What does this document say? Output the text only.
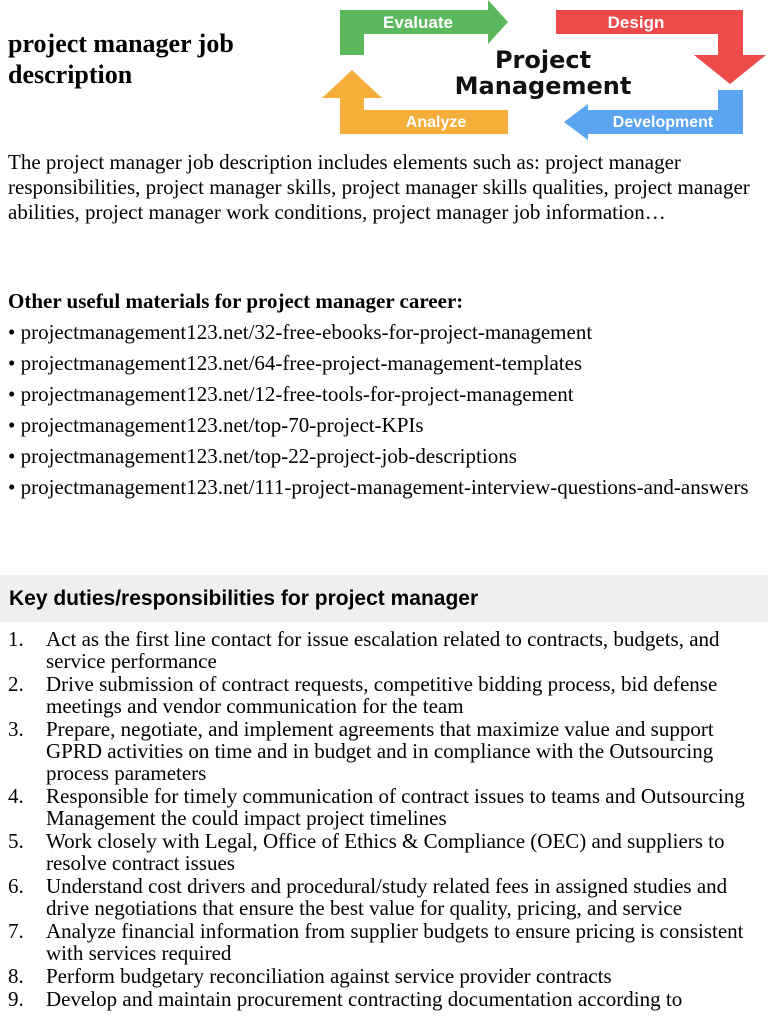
project manager job description
Evaluate	Design
Development
Analyze
Project
Management
The project manager job description includes elements such as: project manager responsibilities, project manager skills, project manager skills qualities, project manager abilities, project manager work conditions, project manager job information…
Other useful materials for project manager career:
• projectmanagement123.net/32-free-ebooks-for-project-management
• projectmanagement123.net/64-free-project-management-templates
• projectmanagement123.net/12-free-tools-for-project-management
• projectmanagement123.net/top-70-project-KPIs
• projectmanagement123.net/top-22-project-job-descriptions
• projectmanagement123.net/111-project-management-interview-questions-and-answers
Key duties/responsibilities for project manager
1.	Act as the first line contact for issue escalation related to contracts, budgets, and service performance
2.	Drive submission of contract requests, competitive bidding process, bid defense meetings and vendor communication for the team
3.	Prepare, negotiate, and implement agreements that maximize value and support GPRD activities on time and in budget and in compliance with the Outsourcing process parameters
4.	Responsible for timely communication of contract issues to teams and Outsourcing Management the could impact project timelines
5.	Work closely with Legal, Office of Ethics & Compliance (OEC) and suppliers to resolve contract issues
6.	Understand cost drivers and procedural/study related fees in assigned studies and drive negotiations that ensure the best value for quality, pricing, and service
7.	Analyze financial information from supplier budgets to ensure pricing is consistent with services required
8.	Perform budgetary reconciliation against service provider contracts
9.	Develop and maintain procurement contracting documentation according to
